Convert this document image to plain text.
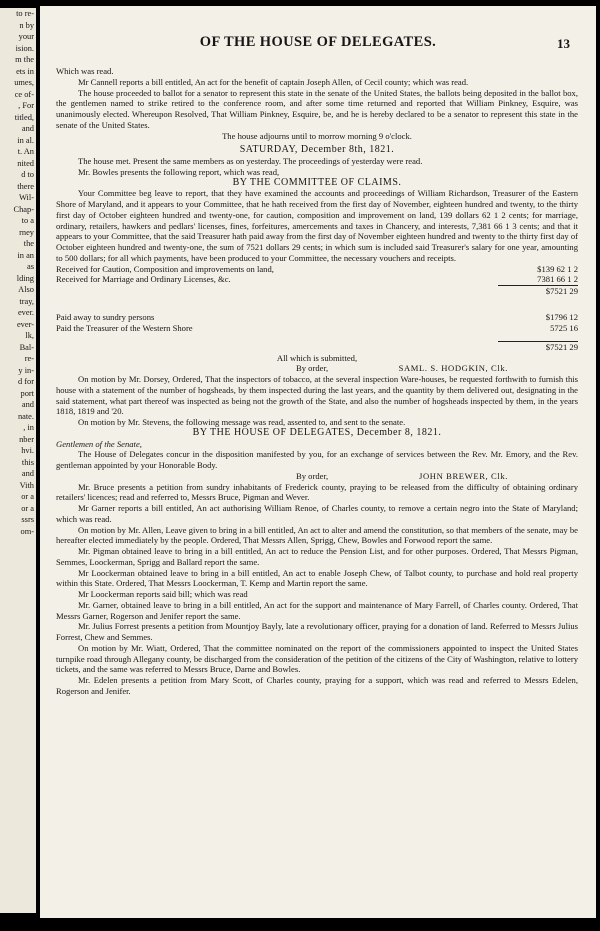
to re-
n by
your
ision.
m the
ets in
umes,
ce of-
, For
titled,
and
in al.
t. An
nited
d to
there
Wil-
Chap-
to a
rney
the
in an
as
lding
Also
tray,
ever.
ever-
lk,
Bal-
re-
y in-
d for
port
and
nate.
, in
nber
hvi.
this
and
Vith
or a
or a
ssrs
om-
OF THE HOUSE OF DELEGATES.	13

Which was read.

Mr Cannell reports a bill entitled, An act for the benefit of captain Joseph Allen, of Cecil county; which was read.

The house proceeded to ballot for a senator to represent this state in the senate of the United States, the ballots being deposited in the ballot box, the gentlemen named to strike retired to the conference room, and after some time returned and reported that William Pinkney, Esquire, was unanimously elected. Whereupon Resolved, That William Pinkney, Esquire, be, and he is hereby declared to be a senator to represent this state in the senate of the United States.

The house adjourns until to morrow morning 9 o'clock.

SATURDAY, December 8th, 1821.

The house met. Present the same members as on yesterday. The proceedings of yesterday were read.

Mr. Bowles presents the following report, which was read,

BY THE COMMITTEE OF CLAIMS.

Your Committee beg leave to report, that they have examined the accounts and proceedings of William Richardson, Treasurer of the Eastern Shore of Maryland, and it appears to your Committee, that he hath received from the first day of November, eighteen hundred and twenty, to the thirty first day of October eighteen hundred and twenty-one, for caution, composition and improvement on land, 139 dollars 62 1 2 cents; for marriage, ordinary, retailers, hawkers and pedlars' licenses, fines, forfeitures, amercements and taxes in Chancery, and interests, 7,381 66 1 3 cents; and that it appears to your Committee, that the said Treasurer hath paid away from the first day of November eighteen hundred and twenty to the thirty first day of October eighteen hundred and twenty-one, the sum of 7521 dollars 29 cents; in which sum is included said Treasurer's salary for one year, amounting to 500 dollars; for all which payments, have been produced to your Committee, the necessary vouchers and receipts.

Received for Caution, Composition and improvements on land,	$139 62 1 2
Received for Marriage and Ordinary Licenses, &c.	7381 66 1 2
	$7521 29

Paid away to sundry persons	$1796 12
Paid the Treasurer of the Western Shore	5725 16

	$7521 29

All which is submitted,

By order,	SAML. S. HODGKIN, Clk.

On motion by Mr. Dorsey, Ordered, That the inspectors of tobacco, at the several inspection Ware-houses, be requested forthwith to furnish this house with a statement of the number of hogsheads, by them inspected during the last years, and the quantity by them delivered out, designating in the said statement, what part thereof was inspected as being not the growth of the State, and also the number of hogsheads inspected by them, in the years 1818, 1819 and '20.

On motion by Mr. Stevens, the following message was read, assented to, and sent to the senate.

BY THE HOUSE OF DELEGATES, December 8, 1821.

Gentlemen of the Senate,

The House of Delegates concur in the disposition manifested by you, for an exchange of services between the Rev. Mr. Emory, and the Rev. gentleman appointed by your Honorable Body.

By order,	JOHN BREWER, Clk.

Mr. Bruce presents a petition from sundry inhabitants of Frederick county, praying to be released from the difficulty of obtaining ordinary retailers' licences; read and referred to, Messrs Bruce, Pigman and Wever.

Mr Garner reports a bill entitled, An act authorising William Renoe, of Charles county, to remove a certain negro into the State of Maryland; which was read.

On motion by Mr. Allen, Leave given to bring in a bill entitled, An act to alter and amend the constitution, so that members of the senate, may be hereafter elected immediately by the people. Ordered, That Messrs Allen, Sprigg, Chew, Bowles and Forwood report the same.

Mr. Pigman obtained leave to bring in a bill entitled, An act to reduce the Pension List, and for other purposes. Ordered, That Messrs Pigman, Semmes, Loockerman, Sprigg and Ballard report the same.

Mr Loockerman obtained leave to bring in a bill entitled, An act to enable Joseph Chew, of Talbot county, to purchase and hold real property within this State. Ordered, That Messrs Loockerman, T. Kemp and Martin report the same.

Mr Loockerman reports said bill; which was read

Mr. Garner, obtained leave to bring in a bill entitled, An act for the support and maintenance of Mary Farrell, of Charles county. Ordered, That Messrs Garner, Rogerson and Jenifer report the same.

Mr. Julius Forrest presents a petition from Mountjoy Bayly, late a revolutionary officer, praying for a donation of land. Referred to Messrs Julius Forrest, Chew and Semmes.

On motion by Mr. Wiatt, Ordered, That the committee nominated on the report of the commissioners appointed to inspect the United States turnpike road through Allegany county, be discharged from the consideration of the petition of the citizens of the City of Washington, relative to lottery tickets, and the same was referred to Messrs Bruce, Darne and Bowles.

Mr. Edelen presents a petition from Mary Scott, of Charles county, praying for a support, which was read and referred to Messrs Edelen, Rogerson and Jenifer.
